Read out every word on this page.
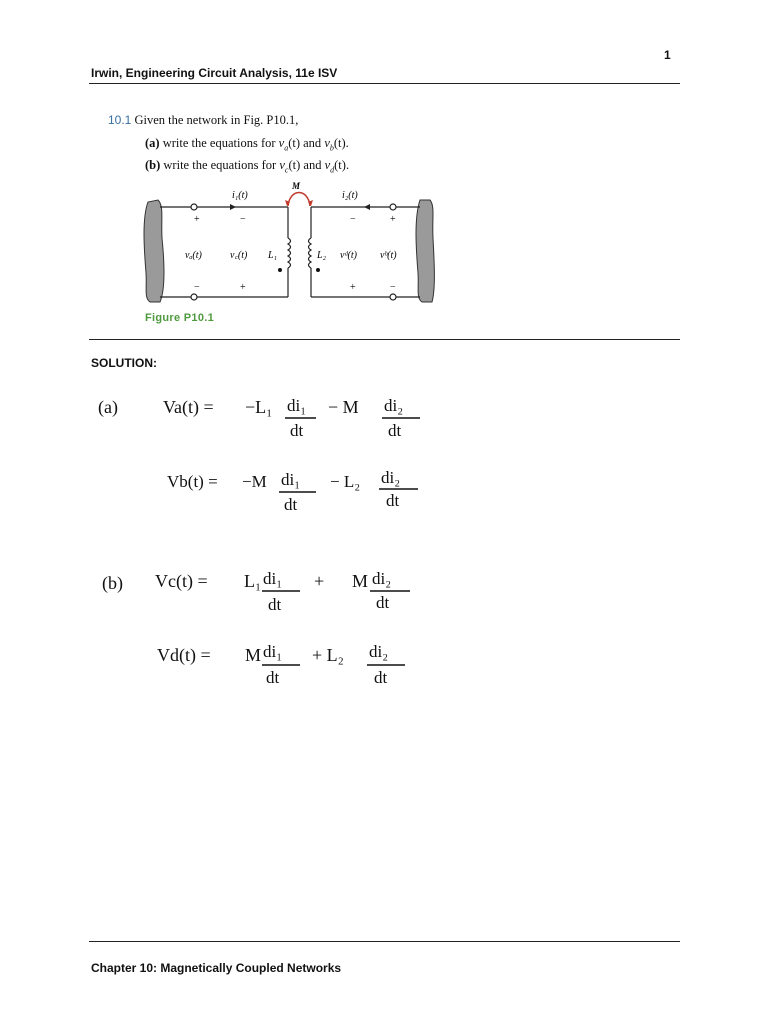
1
Irwin, Engineering Circuit Analysis, 11e ISV
10.1 Given the network in Fig. P10.1,
(a) write the equations for $v_a(t)$ and $v_b(t)$.
(b) write the equations for $v_c(t)$ and $v_d(t)$.
i₁(t)
M
i₂(t)
+	−	−	+
vₐ(t)	v꜀(t) L₁	L₂ vᵈ(t) vᵇ(t)
−	+	+	−
Figure P10.1
SOLUTION:
(a)	Va(t) = −L₁ di₁
dt
− M di₂
dt
Vb(t) = −M di₁
dt
− L₂ di₂
dt
(b) Vc(t) = L₁ di₁
dt
+ M di₂
dt
Vd(t) = M di₁
dt
+ L₂ di₂
dt
Chapter 10: Magnetically Coupled Networks
